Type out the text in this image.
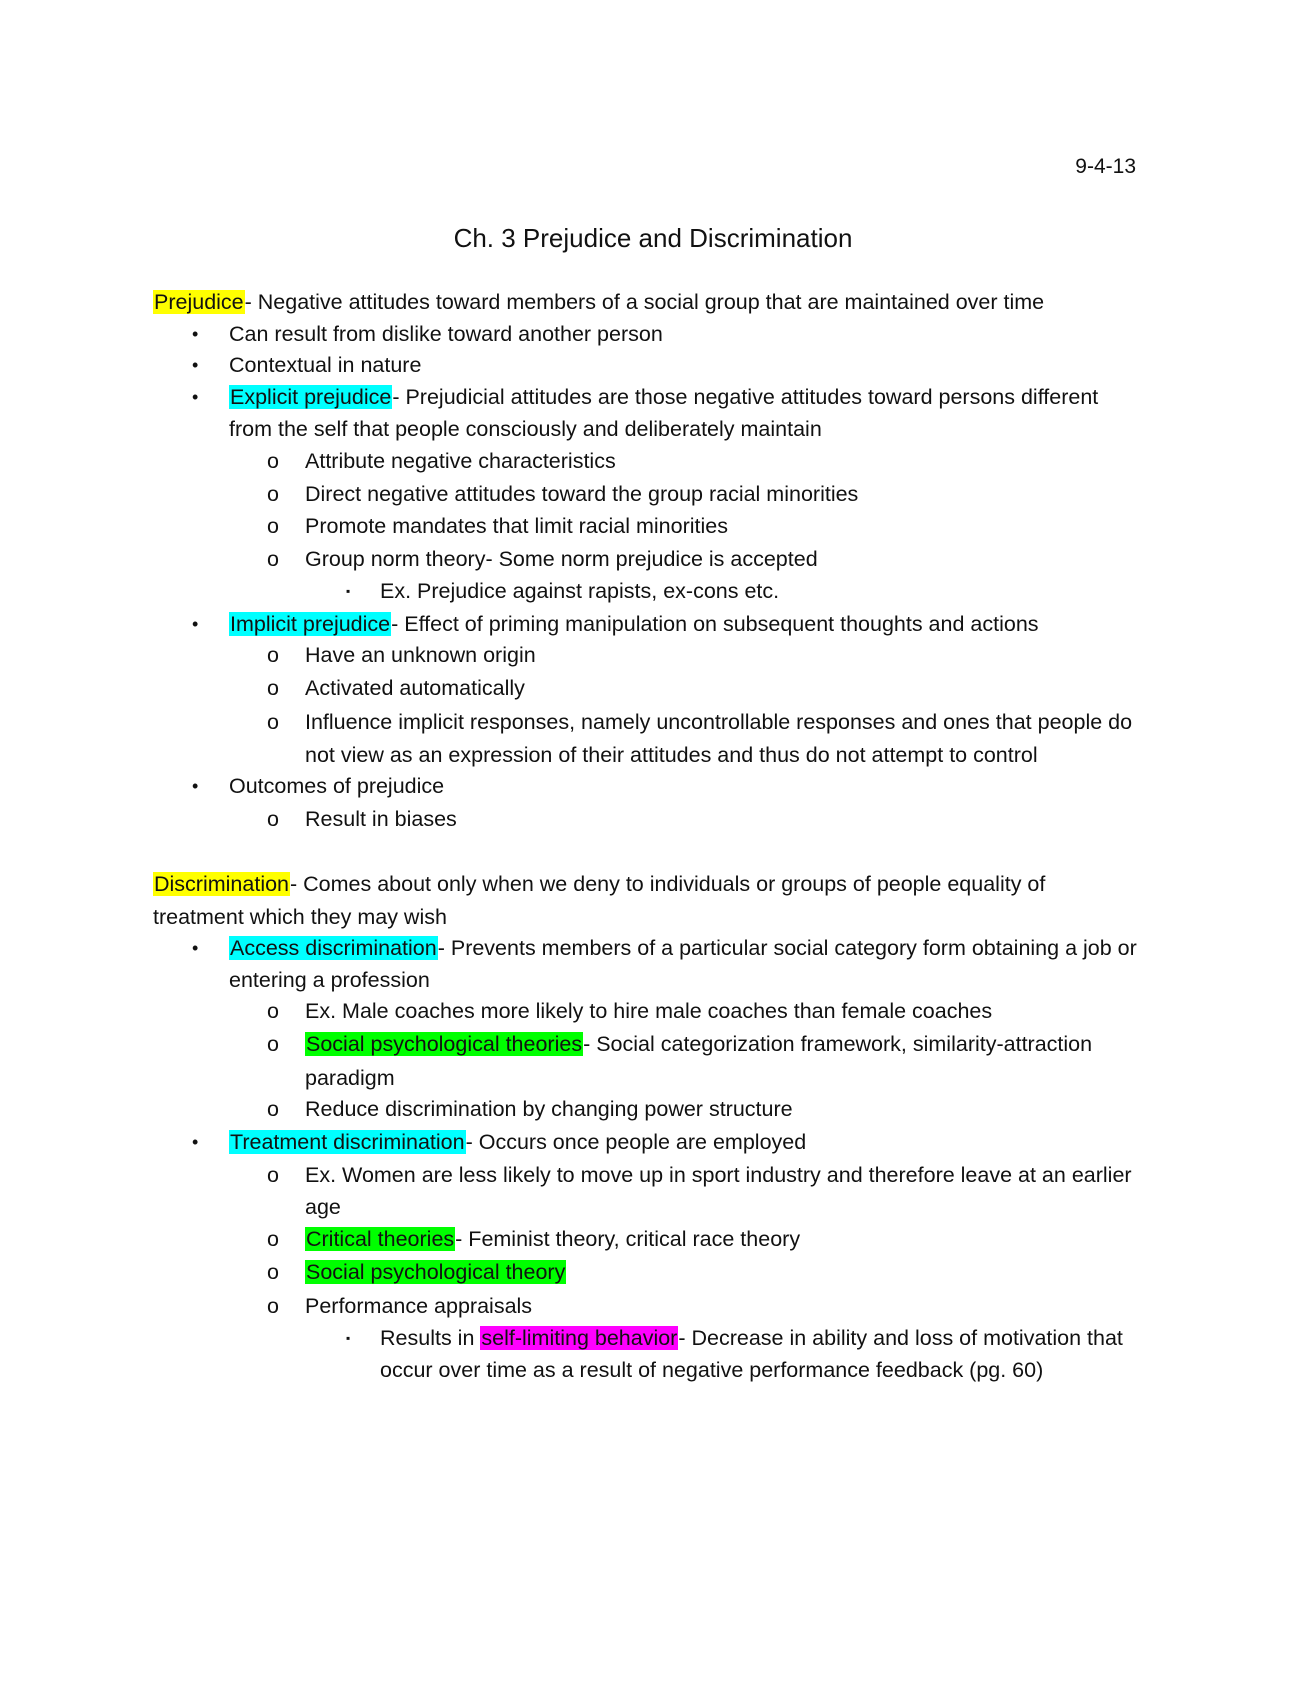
9-4-13
Ch. 3 Prejudice and Discrimination
Prejudice- Negative attitudes toward members of a social group that are maintained over time
• Can result from dislike toward another person
• Contextual in nature
• Explicit prejudice- Prejudicial attitudes are those negative attitudes toward persons different
from the self that people consciously and deliberately maintain
o Attribute negative characteristics
o Direct negative attitudes toward the group racial minorities
o Promote mandates that limit racial minorities
o Group norm theory- Some norm prejudice is accepted
▪ Ex. Prejudice against rapists, ex-cons etc.
• Implicit prejudice- Effect of priming manipulation on subsequent thoughts and actions
o Have an unknown origin
o Activated automatically
o Influence implicit responses, namely uncontrollable responses and ones that people do
not view as an expression of their attitudes and thus do not attempt to control
• Outcomes of prejudice
o Result in biases
Discrimination- Comes about only when we deny to individuals or groups of people equality of
treatment which they may wish
• Access discrimination- Prevents members of a particular social category form obtaining a job or
entering a profession
o Ex. Male coaches more likely to hire male coaches than female coaches
o Social psychological theories- Social categorization framework, similarity-attraction
paradigm
o Reduce discrimination by changing power structure
• Treatment discrimination- Occurs once people are employed
o Ex. Women are less likely to move up in sport industry and therefore leave at an earlier
age
o Critical theories- Feminist theory, critical race theory
o Social psychological theory
o Performance appraisals
▪ Results in self-limiting behavior- Decrease in ability and loss of motivation that
occur over time as a result of negative performance feedback (pg. 60)
